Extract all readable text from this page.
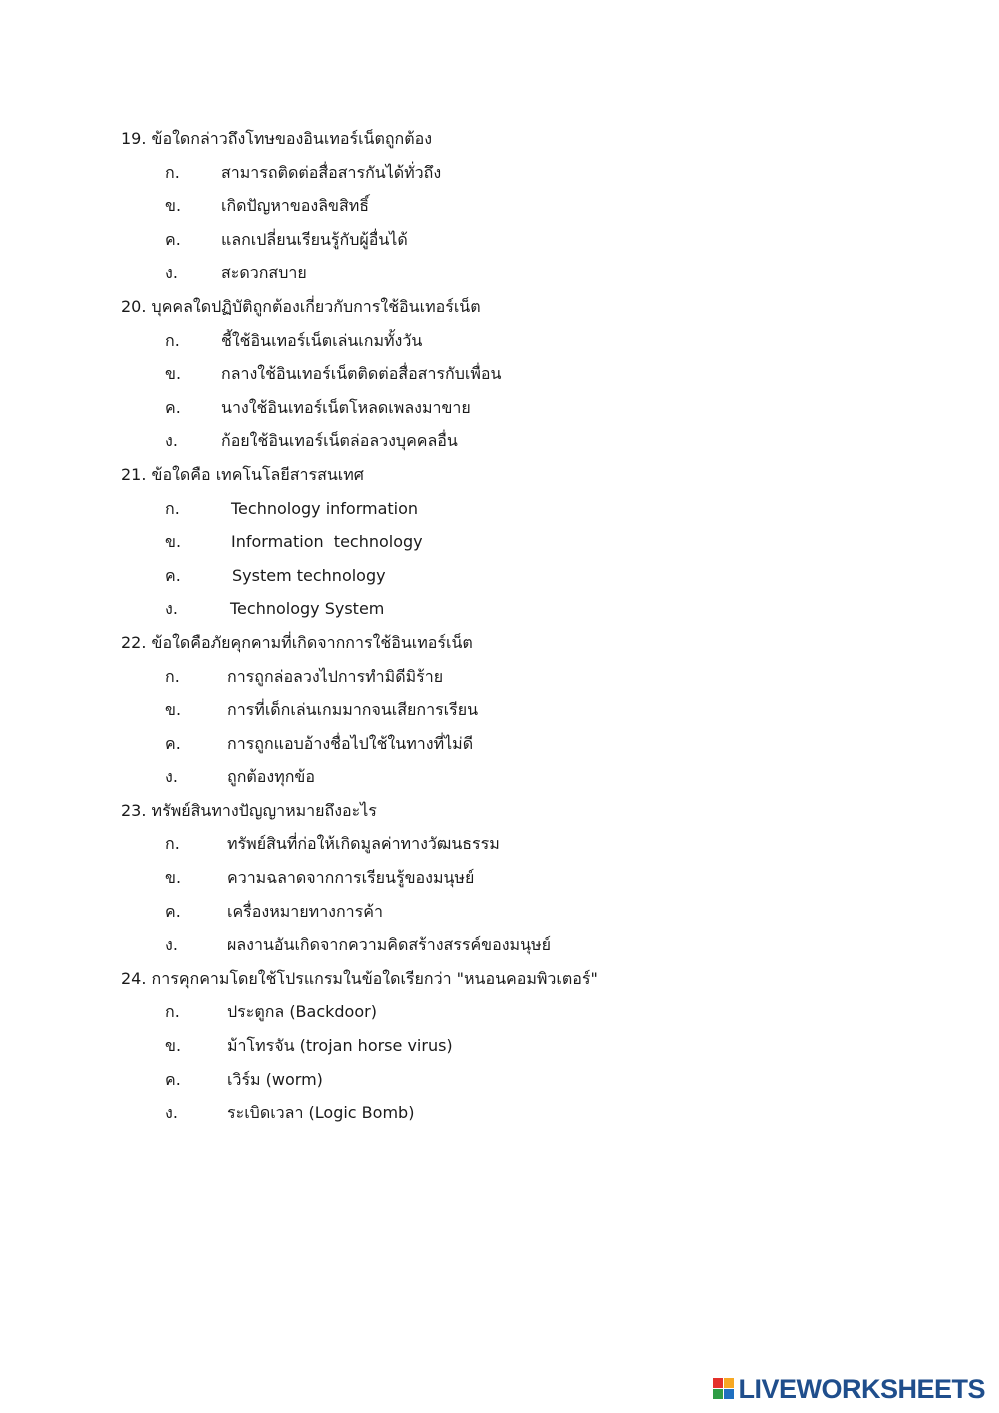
19. ข้อใดกล่าวถึงโทษของอินเทอร์เน็ตถูกต้อง
ก.	สามารถติดต่อสื่อสารกันได้ทั่วถึง
ข. เกิดปัญหาของลิขสิทธิ์
ค.	แลกเปลี่ยนเรียนรู้กับผู้อื่นได้
ง.	สะดวกสบาย
20. บุคคลใดปฏิบัติถูกต้องเกี่ยวกับการใช้อินเทอร์เน็ต
ก.	ชี้ใช้อินเทอร์เน็ตเล่นเกมทั้งวัน
ข. กลางใช้อินเทอร์เน็ตติดต่อสื่อสารกับเพื่อน
ค.	นางใช้อินเทอร์เน็ตโหลดเพลงมาขาย
ง.	ก้อยใช้อินเทอร์เน็ตล่อลวงบุคคลอื่น
21. ข้อใดคือ เทคโนโลยีสารสนเทศ
ก.	Technology information
ข.	Information  technology
ค.	System technology
ง.	Technology System
22. ข้อใดคือภัยคุกคามที่เกิดจากการใช้อินเทอร์เน็ต
ก.	การถูกล่อลวงไปการทำมิดีมิร้าย
ข.	การที่เด็กเล่นเกมมากจนเสียการเรียน
ค.	การถูกแอบอ้างชื่อไปใช้ในทางที่ไม่ดี
ง.	ถูกต้องทุกข้อ
23. ทรัพย์สินทางปัญญาหมายถึงอะไร
ก.	ทรัพย์สินที่ก่อให้เกิดมูลค่าทางวัฒนธรรม
ข.	ความฉลาดจากการเรียนรู้ของมนุษย์
ค.	เครื่องหมายทางการค้า
ง.	ผลงานอันเกิดจากความคิดสร้างสรรค์ของมนุษย์
24. การคุกคามโดยใช้โปรแกรมในข้อใดเรียกว่า "หนอนคอมพิวเตอร์"
ก.	ประตูกล (Backdoor)
ข.	ม้าโทรจัน (trojan horse virus)
ค.	เวิร์ม (worm)
ง.	ระเบิดเวลา (Logic Bomb)
LIVEWORKSHEETS
